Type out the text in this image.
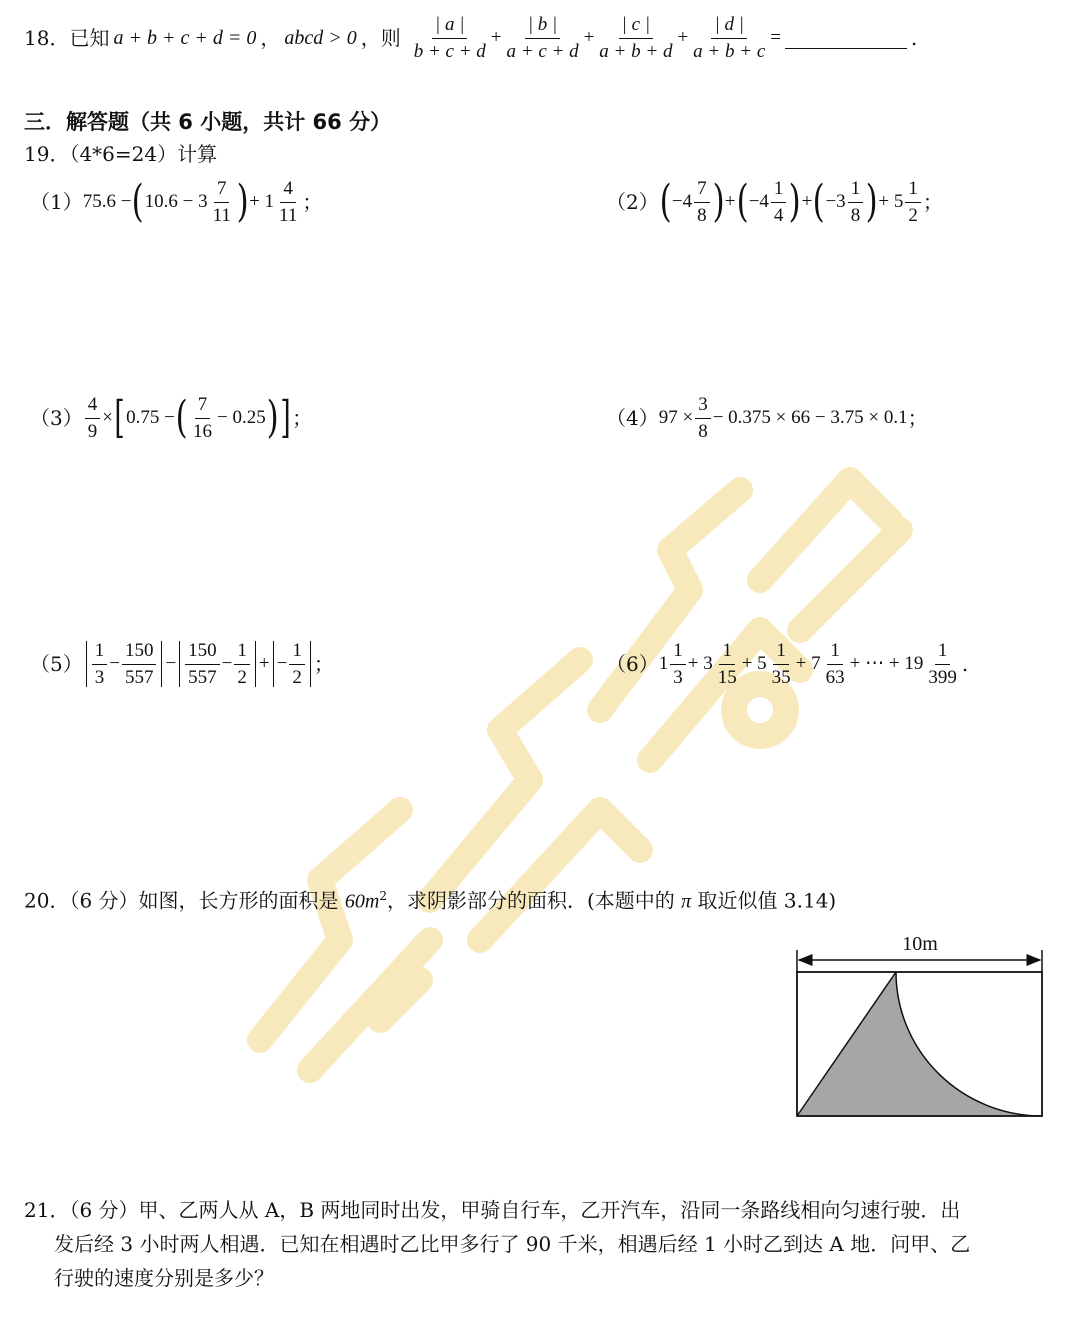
18．已知 a + b + c + d = 0 ， abcd > 0 ，则 $\frac{| a |}{b + c + d} + \frac{| b |}{a + c + d} + \frac{| c |}{a + b + d} + \frac{| d |}{a + b + c}$ =	.
三．解答题（共 6 小题，共计 66 分）
19．（4*6=24）计算
（1） 75.6 − ( $10.6 - 3 \frac{7}{11}$ ) + $1 \frac{4}{11}$ ；	（2） ( $-4 \frac{7}{8}$ ) + ( $-4 \frac{1}{4}$ ) + ( $-3 \frac{1}{8}$ ) + $5 \frac{1}{2}$ ；
$(3) \frac{4}{9}$ × [ 0.75 − ( $\frac{7}{16} - 0.25$ ) ] ；	（4） $97 \times \frac{3}{8} - 0.375 \times 66 - 3.75 \times 0.1$ ；
$(5) \frac{1}{3} - \frac{150}{557} - \frac{150}{557} - \frac{1}{2}$ + − $\frac{1}{2}$ ；	（6） $1 \frac{1}{3} + 3 \frac{1}{15} + 5 \frac{1}{35} + 7 \frac{1}{63}$ + ⋯ + $19 \frac{1}{399}$ .
20．（6 分）如图，长方形的面积是 $60m^2$，求阴影部分的面积．(本题中的 π 取近似值 3.14)
10m
21．（6 分）甲、乙两人从 A，B 两地同时出发，甲骑自行车，乙开汽车，沿同一条路线相向匀速行驶．出
发后经 3 小时两人相遇．已知在相遇时乙比甲多行了 90 千米，相遇后经 1 小时乙到达 A 地．问甲、乙
行驶的速度分别是多少？
